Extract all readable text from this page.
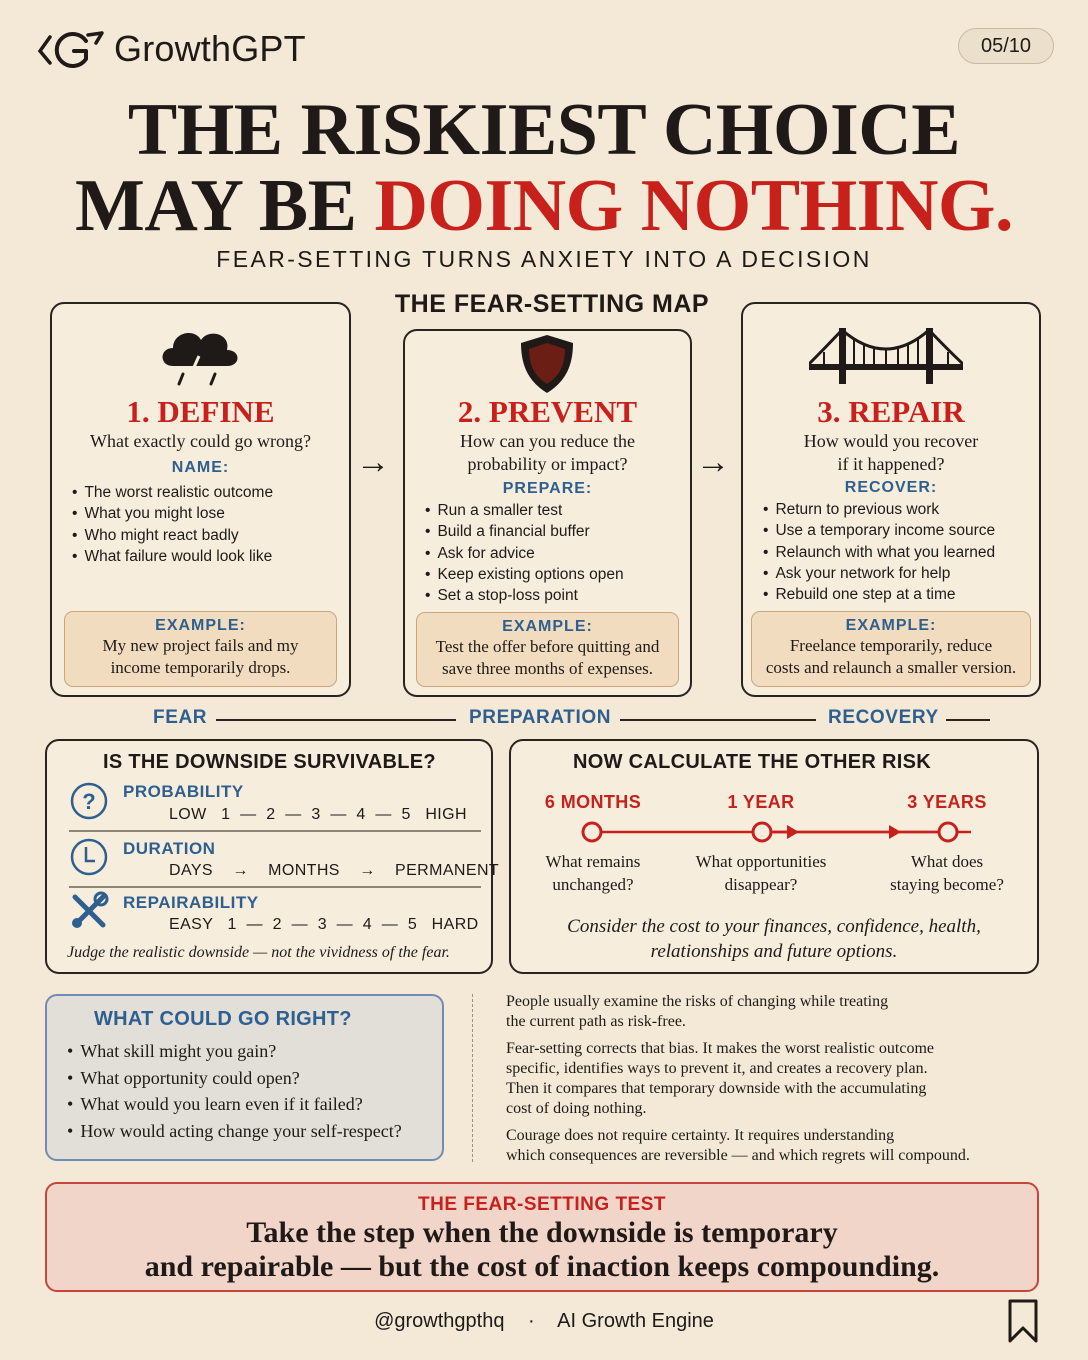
GrowthGPT	05/10
THE RISKIEST CHOICE
MAY BE DOING NOTHING.
FEAR-SETTING TURNS ANXIETY INTO A DECISION
THE FEAR-SETTING MAP
1. DEFINE
What exactly could go wrong?
NAME:
• The worst realistic outcome
• What you might lose
• Who might react badly
• What failure would look like
EXAMPLE:
My new project fails and my
income temporarily drops.
→
2. PREVENT
How can you reduce the
probability or impact?
PREPARE:
• Run a smaller test
• Build a financial buffer
• Ask for advice
• Keep existing options open
• Set a stop-loss point
EXAMPLE:
Test the offer before quitting and
save three months of expenses.
→
3. REPAIR
How would you recover
if it happened?
RECOVER:
• Return to previous work
• Use a temporary income source
• Relaunch with what you learned
• Ask your network for help
• Rebuild one step at a time
EXAMPLE:
Freelance temporarily, reduce
costs and relaunch a smaller version.
FEAR	PREPARATION	RECOVERY
IS THE DOWNSIDE SURVIVABLE?
? PROBABILITY
LOW   1  —  2  —  3  —  4  —  5   HIGH
DURATION
DAYS    →    MONTHS    →    PERMANENT
REPAIRABILITY
EASY   1  —  2  —  3  —  4  —  5   HARD
Judge the realistic downside — not the vividness of the fear.
NOW CALCULATE THE OTHER RISK
6 MONTHS	1 YEAR	3 YEARS
What remains
unchanged?
What opportunities
disappear?
What does
staying become?
Consider the cost to your finances, confidence, health,
relationships and future options.
WHAT COULD GO RIGHT?
• What skill might you gain?
• What opportunity could open?
• What would you learn even if it failed?
• How would acting change your self-respect?
People usually examine the risks of changing while treating
the current path as risk-free.
Fear-setting corrects that bias. It makes the worst realistic outcome
specific, identifies ways to prevent it, and creates a recovery plan.
Then it compares that temporary downside with the accumulating
cost of doing nothing.
Courage does not require certainty. It requires understanding
which consequences are reversible — and which regrets will compound.
THE FEAR-SETTING TEST
Take the step when the downside is temporary
and repairable — but the cost of inaction keeps compounding.
@growthgpthq · AI Growth Engine
